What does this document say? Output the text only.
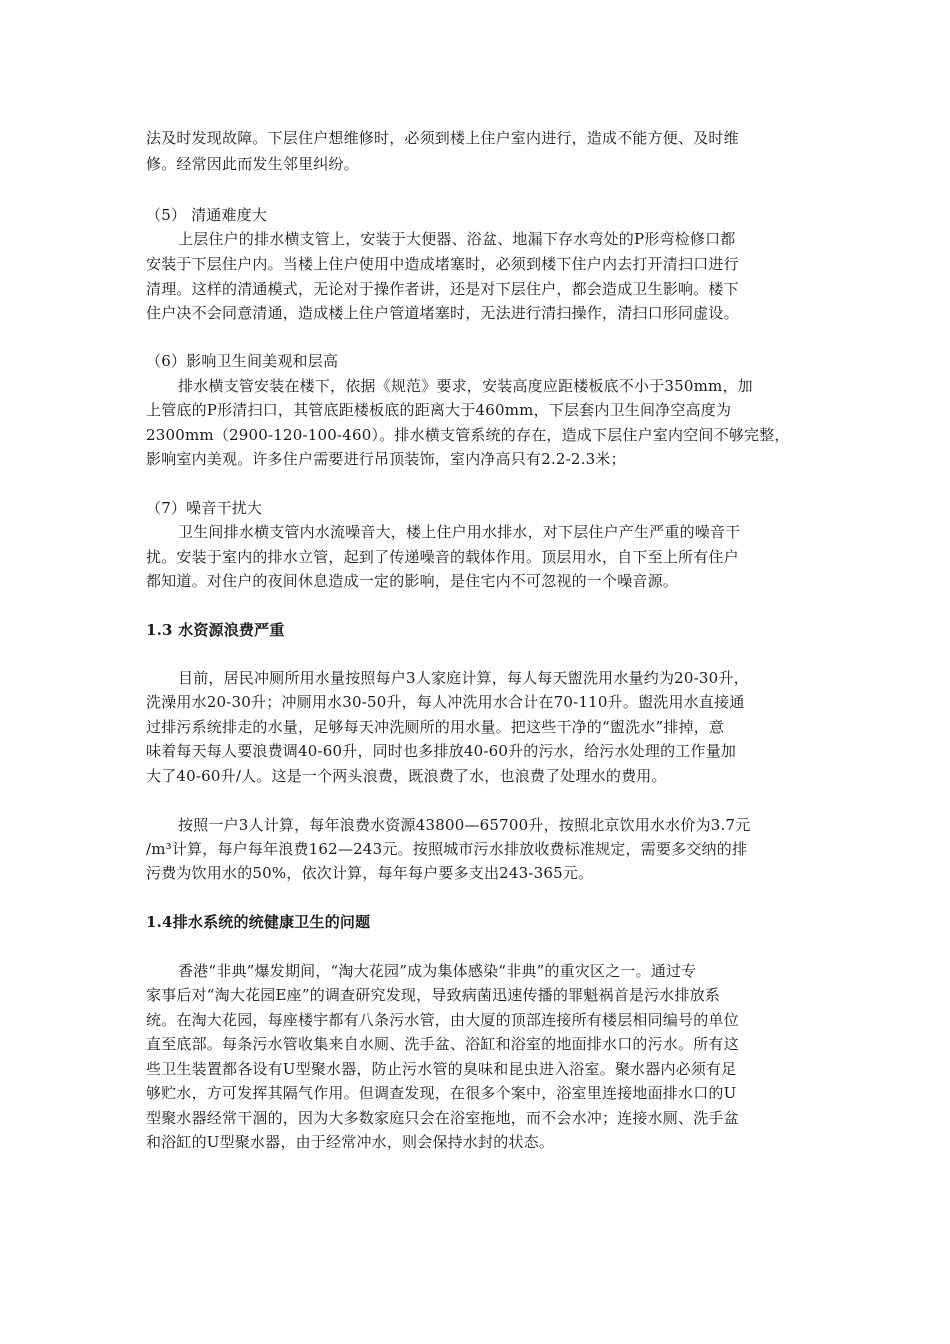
法及时发现故障。下层住户想维修时，必须到楼上住户室内进行，造成不能方便、及时维
修。经常因此而发生邻里纠纷。
（5） 清通难度大
上层住户的排水横支管上，安装于大便器、浴盆、地漏下存水弯处的P形弯检修口都
安装于下层住户内。当楼上住户使用中造成堵塞时，必须到楼下住户内去打开清扫口进行
清理。这样的清通模式，无论对于操作者讲，还是对下层住户，都会造成卫生影响。楼下
住户决不会同意清通，造成楼上住户管道堵塞时，无法进行清扫操作，清扫口形同虚设。
（6）影响卫生间美观和层高
排水横支管安装在楼下，依据《规范》要求，安装高度应距楼板底不小于350mm，加
上管底的P形清扫口，其管底距楼板底的距离大于460mm，下层套内卫生间净空高度为
2300mm（2900-120-100-460）。排水横支管系统的存在，造成下层住户室内空间不够完整，
影响室内美观。许多住户需要进行吊顶装饰，室内净高只有2.2-2.3米；
（7）噪音干扰大
卫生间排水横支管内水流噪音大，楼上住户用水排水，对下层住户产生严重的噪音干
扰。安装于室内的排水立管，起到了传递噪音的载体作用。顶层用水，自下至上所有住户
都知道。对住户的夜间休息造成一定的影响，是住宅内不可忽视的一个噪音源。
1.3 水资源浪费严重
目前，居民冲厕所用水量按照每户3人家庭计算，每人每天盥洗用水量约为20-30升，
洗澡用水20-30升；冲厕用水30-50升，每人冲洗用水合计在70-110升。盥洗用水直接通
过排污系统排走的水量，足够每天冲洗厕所的用水量。把这些干净的“盥洗水”排掉，意
味着每天每人要浪费调40-60升，同时也多排放40-60升的污水，给污水处理的工作量加
大了40-60升/人。这是一个两头浪费，既浪费了水，也浪费了处理水的费用。
按照一户3人计算，每年浪费水资源43800—65700升，按照北京饮用水水价为3.7元
/m³计算，每户每年浪费162—243元。按照城市污水排放收费标准规定，需要多交纳的排
污费为饮用水的50%，依次计算，每年每户要多支出243-365元。
1.4排水系统的统健康卫生的问题
香港“非典”爆发期间，“淘大花园”成为集体感染“非典”的重灾区之一。通过专
家事后对“淘大花园E座”的调查研究发现，导致病菌迅速传播的罪魁祸首是污水排放系
统。在淘大花园，每座楼宇都有八条污水管，由大厦的顶部连接所有楼层相同编号的单位
直至底部。每条污水管收集来自水厕、洗手盆、浴缸和浴室的地面排水口的污水。所有这
些卫生装置都各设有U型聚水器，防止污水管的臭味和昆虫进入浴室。聚水器内必须有足
够贮水，方可发挥其隔气作用。但调查发现，在很多个案中，浴室里连接地面排水口的U
型聚水器经常干涸的，因为大多数家庭只会在浴室拖地，而不会水冲；连接水厕、洗手盆
和浴缸的U型聚水器，由于经常冲水，则会保持水封的状态。
